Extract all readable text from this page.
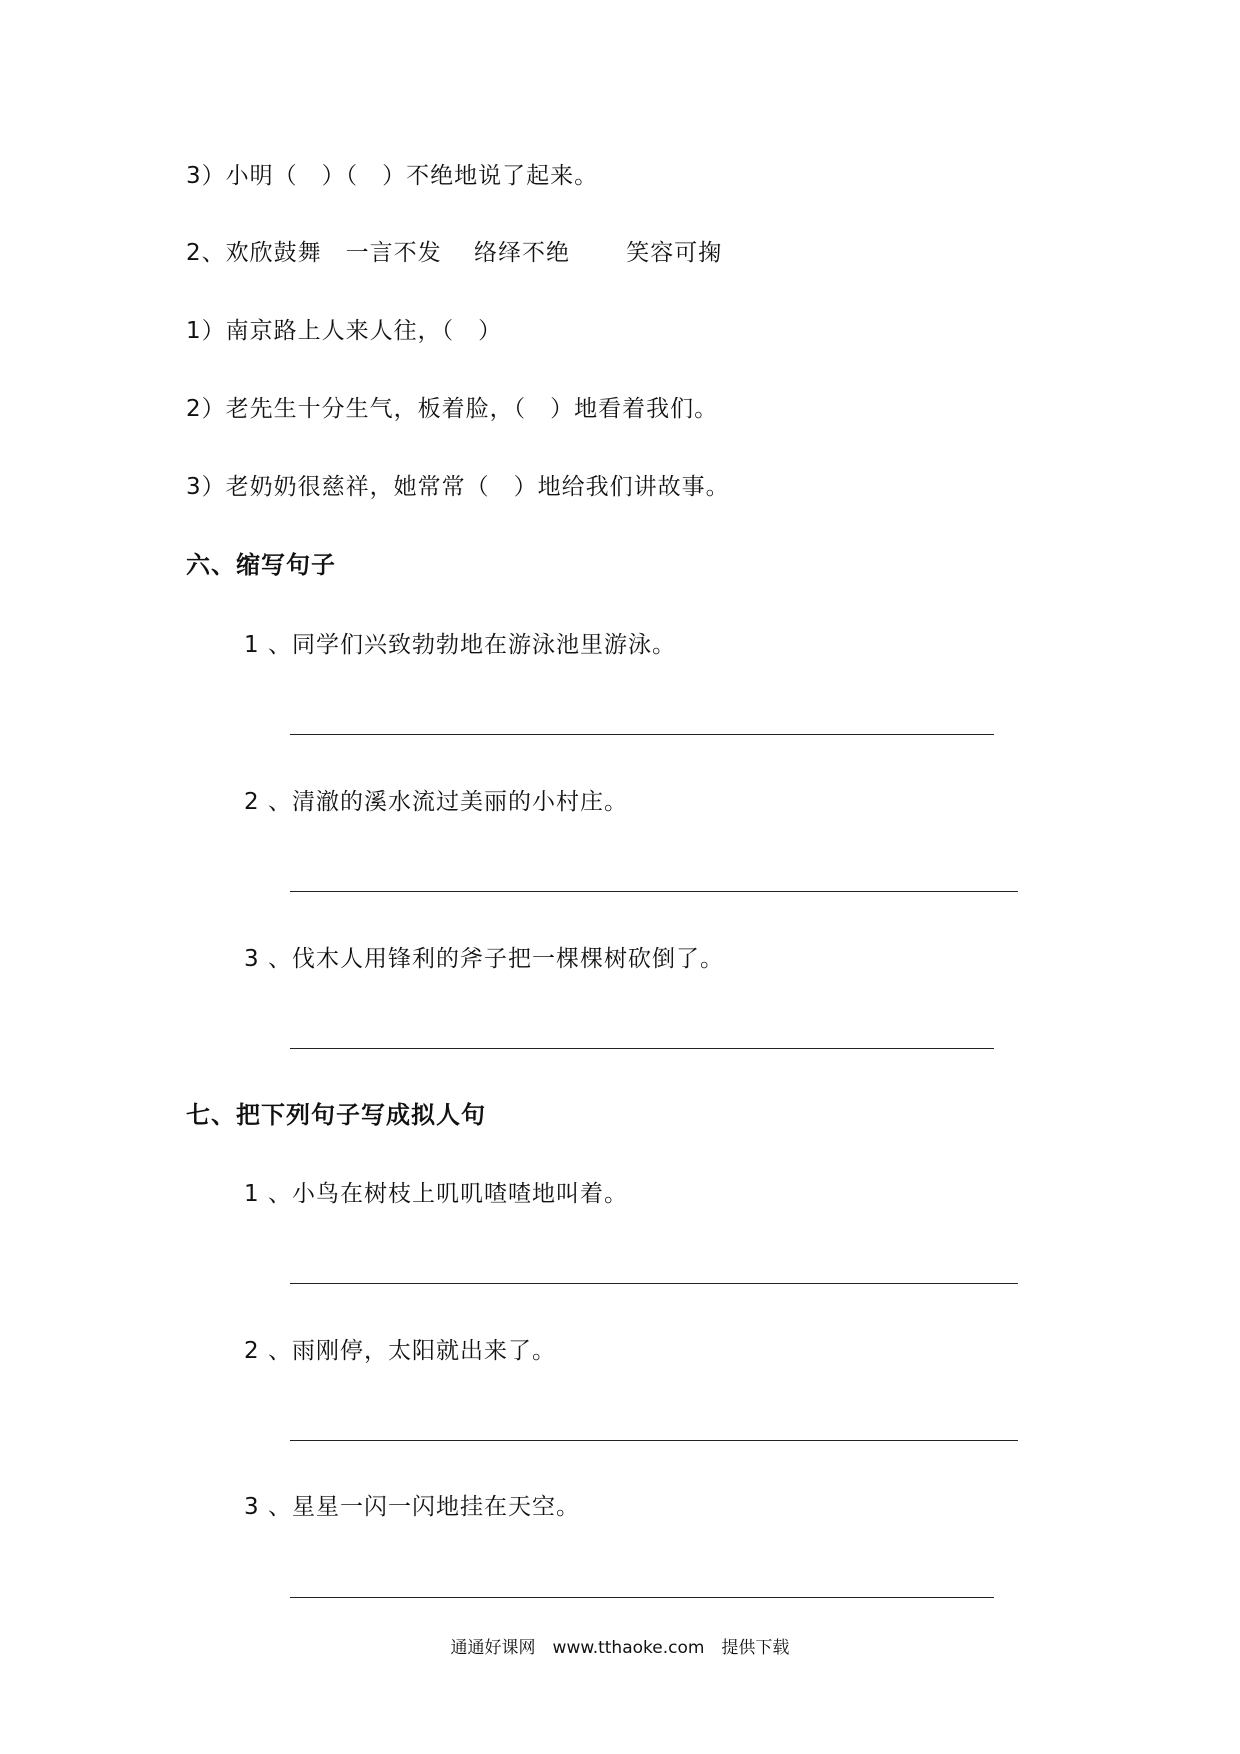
3）小明（　）（　）不绝地说了起来。
2、欢欣鼓舞　一言不发　 络绎不绝　　 笑容可掬
1）南京路上人来人往，（　）
2）老先生十分生气，板着脸，（　）地看着我们。
3）老奶奶很慈祥，她常常（　）地给我们讲故事。
六、缩写句子
1 、同学们兴致勃勃地在游泳池里游泳。
2 、清澈的溪水流过美丽的小村庄。
3 、伐木人用锋利的斧子把一棵棵树砍倒了。
七、把下列句子写成拟人句
1 、小鸟在树枝上叽叽喳喳地叫着。
2 、雨刚停，太阳就出来了。
3 、星星一闪一闪地挂在天空。
通通好课网　www.tthaoke.com　提供下载
